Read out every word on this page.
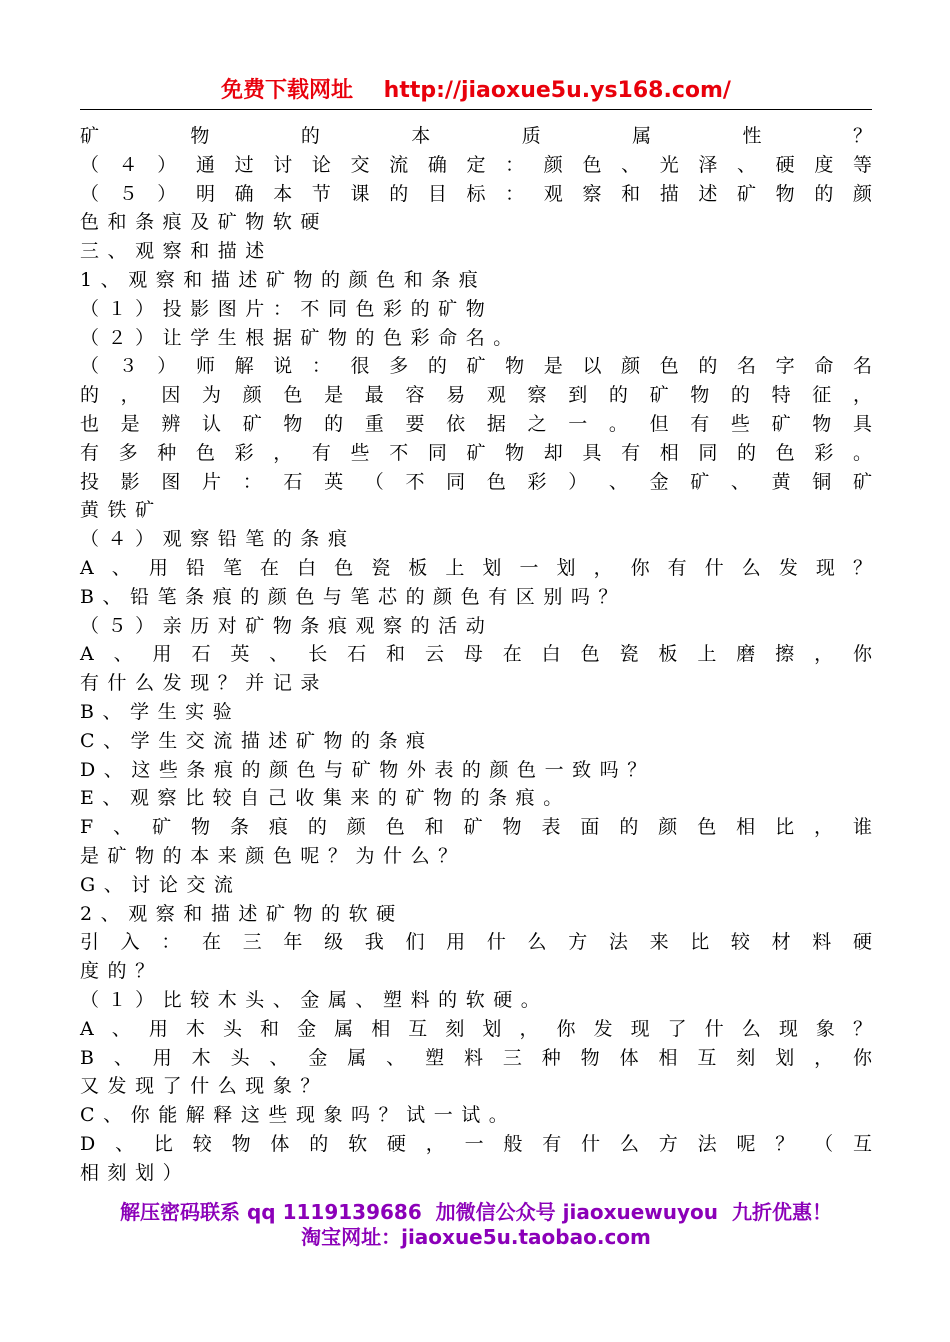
免费下载网址    http://jiaoxue5u.ys168.com/
矿​物​的​本​质​属​性​？
（​４​）​通​过​讨​论​交​流​确​定​：​颜​色​、​光​泽​、​硬​度​等
（​５​）​明​确​本​节​课​的​目​标​：​观​察​和​描​述​矿​物​的​颜
色和条痕及矿物软硬
三、观察和描述
1、观察和描述矿物的颜色和条痕
（１）投影图片：不同色彩的矿物
（２）让学生根据矿物的色彩命名。
（​３​）​师​解​说​：​很​多​的​矿​物​是​以​颜​色​的​名​字​命​名
的​，​因​为​颜​色​是​最​容​易​观​察​到​的​矿​物​的​特​征​，
也​是​辨​认​矿​物​的​重​要​依​据​之​一​。​但​有​些​矿​物​具
有​多​种​色​彩​，​有​些​不​同​矿​物​却​具​有​相​同​的​色​彩​。
投​影​图​片​：​石​英​（​不​同​色​彩​）​、​金​矿​、​黄​铜​矿
黄铁矿
（４）观察铅笔的条痕
A​、​用​铅​笔​在​白​色​瓷​板​上​划​一​划​，​你​有​什​么​发​现​？
B、铅笔条痕的颜色与笔芯的颜色有区别吗？
（５）亲历对矿物条痕观察的活动
A​、​用​石​英​、​长​石​和​云​母​在​白​色​瓷​板​上​磨​擦​，​你
有什么发现？并记录
B、学生实验
C、学生交流描述矿物的条痕
D、这些条痕的颜色与矿物外表的颜色一致吗？
E、观察比较自己收集来的矿物的条痕。
F​、​矿​物​条​痕​的​颜​色​和​矿​物​表​面​的​颜​色​相​比​，​谁
是矿物的本来颜色呢？为什么？
G、讨论交流
2、观察和描述矿物的软硬
引​入​：​在​三​年​级​我​们​用​什​么​方​法​来​比​较​材​料​硬
度的？
（１）比较木头、金属、塑料的软硬。
A​、​用​木​头​和​金​属​相​互​刻​划​，​你​发​现​了​什​么​现​象​？
B​、​用​木​头​、​金​属​、​塑​料​三​种​物​体​相​互​刻​划​，​你
又发现了什么现象？
C、你能解释这些现象吗？试一试。
D​、​比​较​物​体​的​软​硬​，​一​般​有​什​么​方​法​呢​？​（​互
相刻划）
解压密码联系 qq 1119139686  加微信公众号 jiaoxuewuyou  九折优惠！
淘宝网址：jiaoxue5u.taobao.com
